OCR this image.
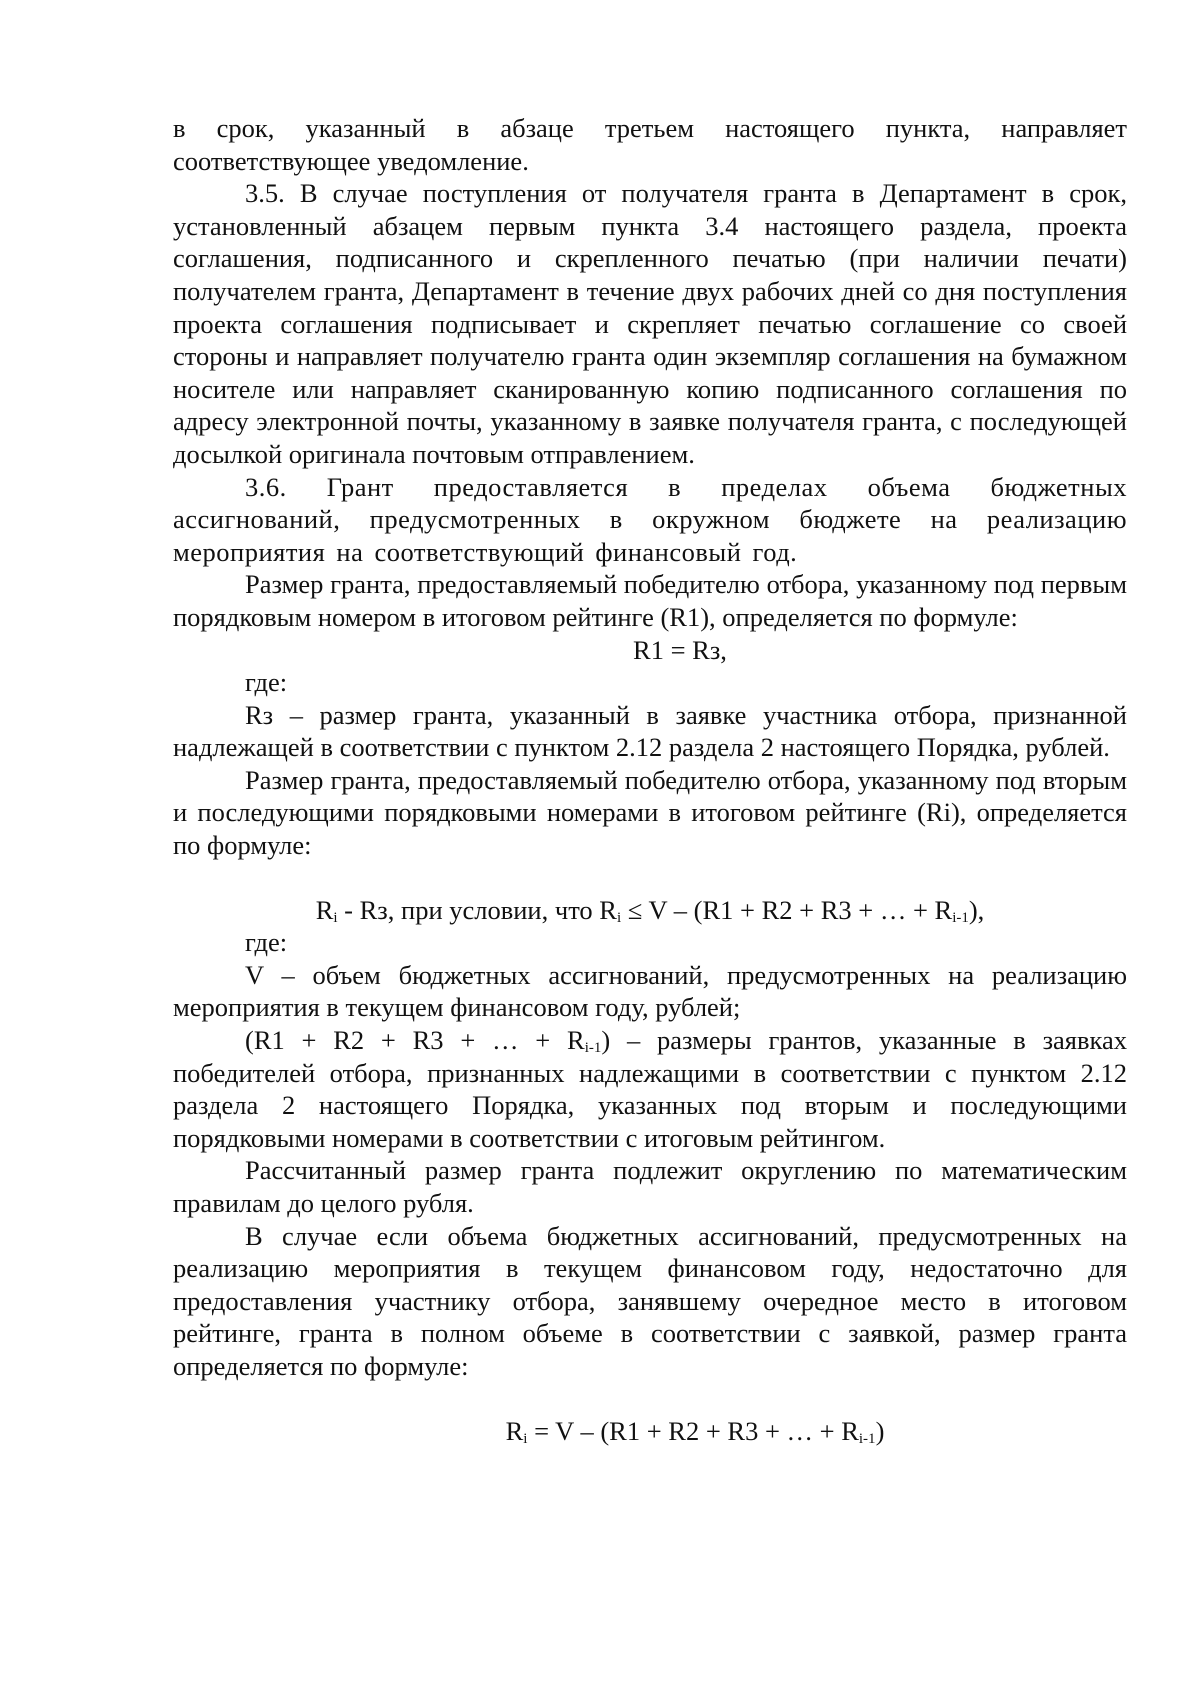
в срок, указанный в абзаце третьем настоящего пункта, направляет соответствующее уведомление.

3.5. В случае поступления от получателя гранта в Департамент в срок, установленный абзацем первым пункта 3.4 настоящего раздела, проекта соглашения, подписанного и скрепленного печатью (при наличии печати) получателем гранта, Департамент в течение двух рабочих дней со дня поступления проекта соглашения подписывает и скрепляет печатью соглашение со своей стороны и направляет получателю гранта один экземпляр соглашения на бумажном носителе или направляет сканированную копию подписанного соглашения по адресу электронной почты, указанному в заявке получателя гранта, с последующей досылкой оригинала почтовым отправлением.

3.6. Грант предоставляется в пределах объема бюджетных ассигнований, предусмотренных в окружном бюджете на реализацию мероприятия на соответствующий финансовый год.

Размер гранта, предоставляемый победителю отбора, указанному под первым порядковым номером в итоговом рейтинге (R1), определяется по формуле:

R1 = Rз,

где:

Rз – размер гранта, указанный в заявке участника отбора, признанной надлежащей в соответствии с пунктом 2.12 раздела 2 настоящего Порядка, рублей.

Размер гранта, предоставляемый победителю отбора, указанному под вторым и последующими порядковыми номерами в итоговом рейтинге (Ri), определяется по формуле:

$R_i$ - Rз, при условии, что $R_i \le V - (R1 + R2 + R3$ + … + $R_{i-1}$),

где:

V – объем бюджетных ассигнований, предусмотренных на реализацию мероприятия в текущем финансовом году, рублей;

(R1 + R2 + R3 + … + $R_{i-1}$) – размеры грантов, указанные в заявках победителей отбора, признанных надлежащими в соответствии с пунктом 2.12 раздела 2 настоящего Порядка, указанных под вторым и последующими порядковыми номерами в соответствии с итоговым рейтингом.

Рассчитанный размер гранта подлежит округлению по математическим правилам до целого рубля.

В случае если объема бюджетных ассигнований, предусмотренных на реализацию мероприятия в текущем финансовом году, недостаточно для предоставления участнику отбора, занявшему очередное место в итоговом рейтинге, гранта в полном объеме в соответствии с заявкой, размер гранта определяется по формуле:

$R_i = V - (R1 + R2 + R3$ + … + $R_{i-1}$)
